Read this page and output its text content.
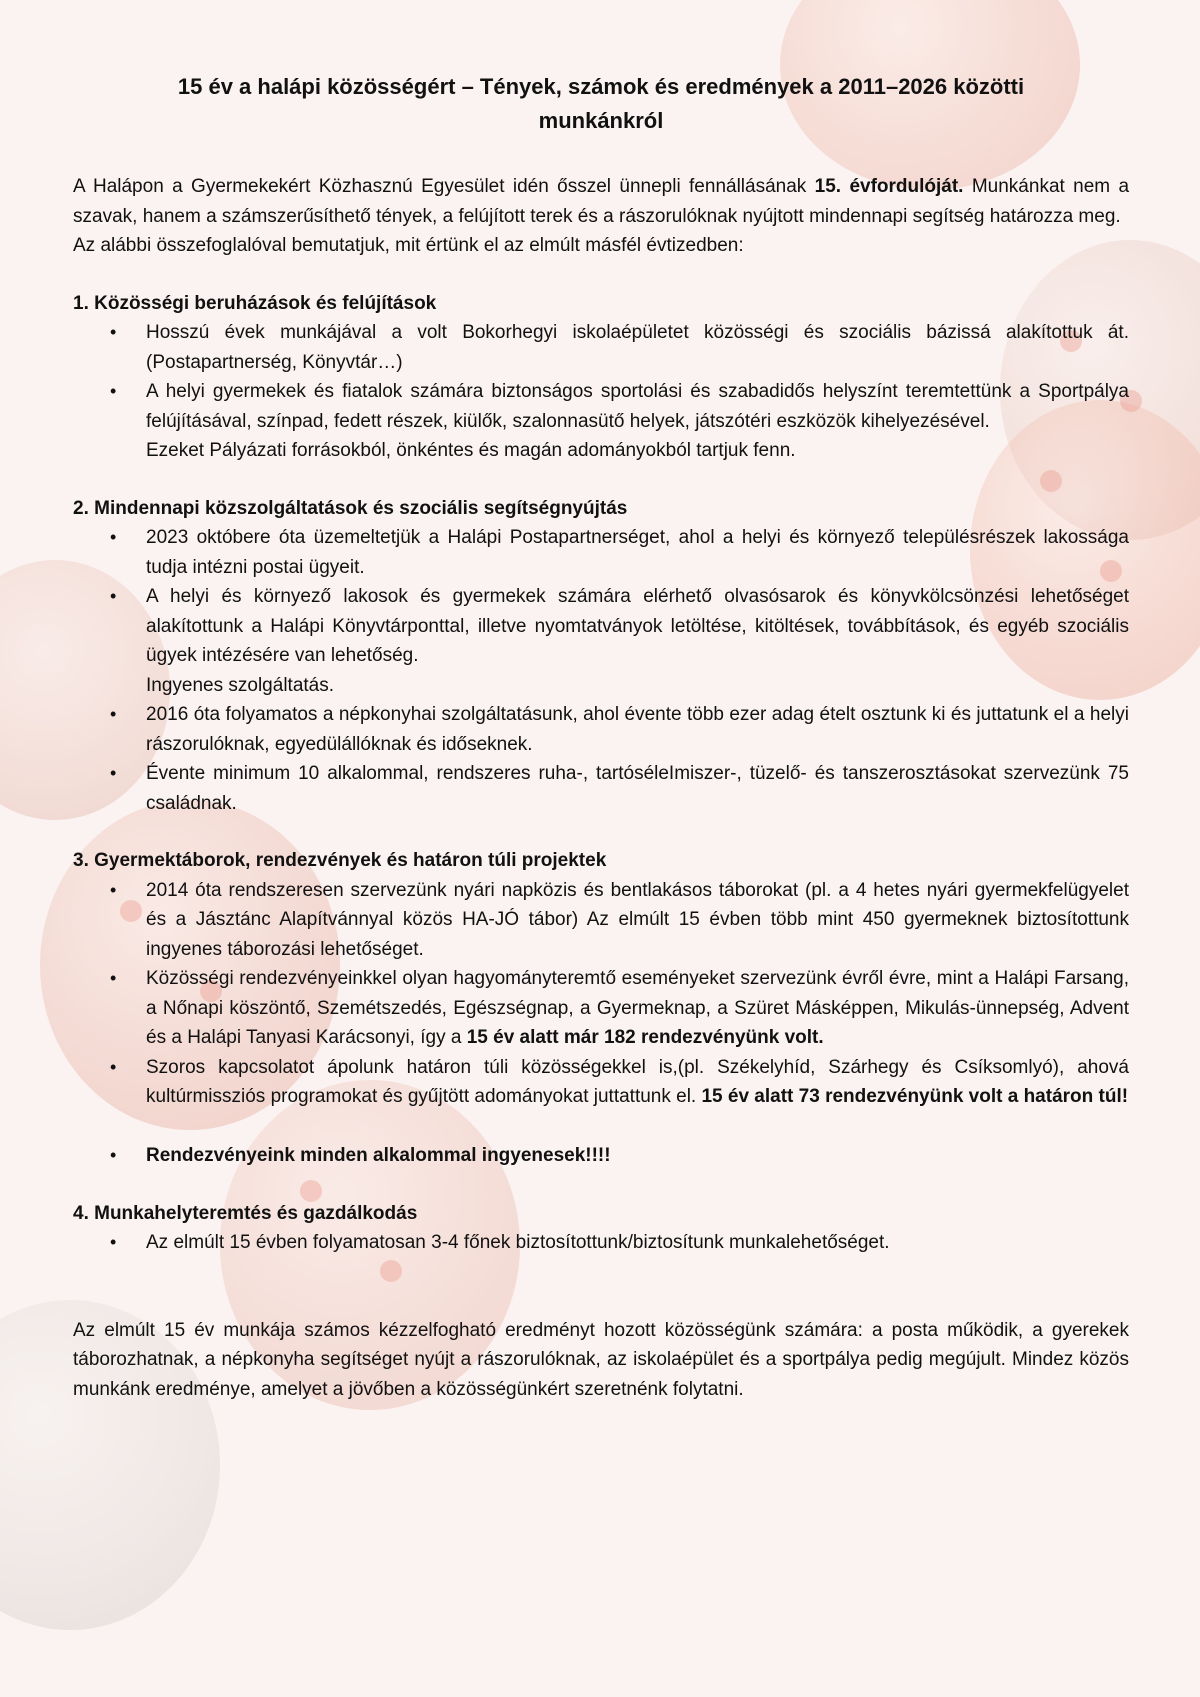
15 év a halápi közösségért – Tények, számok és eredmények a 2011–2026 közötti munkánkról

A Halápon a Gyermekekért Közhasznú Egyesület idén ősszel ünnepli fennállásának 15. évfordulóját. Munkánkat nem a szavak, hanem a számszerűsíthető tények, a felújított terek és a rászorulóknak nyújtott mindennapi segítség határozza meg.

Az alábbi összefoglalóval bemutatjuk, mit értünk el az elmúlt másfél évtizedben:

1. Közösségi beruházások és felújítások

• Hosszú évek munkájával a volt Bokorhegyi iskolaépületet közösségi és szociális bázissá alakítottuk át.(Postapartnerség, Könyvtár…)
• A helyi gyermekek és fiatalok számára biztonságos sportolási és szabadidős helyszínt teremtettünk a Sportpálya felújításával, színpad, fedett részek, kiülők, szalonnasütő helyek, játszótéri eszközök kihelyezésével.
Ezeket Pályázati forrásokból, önkéntes és magán adományokból tartjuk fenn.

2. Mindennapi közszolgáltatások és szociális segítségnyújtás

• 2023 októbere óta üzemeltetjük a Halápi Postapartnerséget, ahol a helyi és környező településrészek lakossága tudja intézni postai ügyeit.
• A helyi és környező lakosok és gyermekek számára elérhető olvasósarok és könyvkölcsönzési lehetőséget alakítottunk a Halápi Könyvtárponttal, illetve nyomtatványok letöltése, kitöltések, továbbítások, és egyéb szociális ügyek intézésére van lehetőség.
Ingyenes szolgáltatás.
• 2016 óta folyamatos a népkonyhai szolgáltatásunk, ahol évente több ezer adag ételt osztunk ki és juttatunk el a helyi rászorulóknak, egyedülállóknak és időseknek.
• Évente minimum 10 alkalommal, rendszeres ruha-, tartóséleImiszer-, tüzelő- és tanszerosztásokat szervezünk 75 családnak.

3. Gyermektáborok, rendezvények és határon túli projektek

• 2014 óta rendszeresen szervezünk nyári napközis és bentlakásos táborokat (pl. a 4 hetes nyári gyermekfelügyelet és a Jásztánc Alapítvánnyal közös HA-JÓ tábor) Az elmúlt 15 évben több mint 450 gyermeknek biztosítottunk ingyenes táborozási lehetőséget.
• Közösségi rendezvényeinkkel olyan hagyományteremtő eseményeket szervezünk évről évre, mint a Halápi Farsang, a Nőnapi köszöntő, Szemétszedés, Egészségnap, a Gyermeknap, a Szüret Másképpen, Mikulás-ünnepség, Advent és a Halápi Tanyasi Karácsonyi, így a 15 év alatt már 182 rendezvényünk volt.
• Szoros kapcsolatot ápolunk határon túli közösségekkel is,(pl. Székelyhíd, Szárhegy és Csíksomlyó), ahová kultúrmissziós programokat és gyűjtött adományokat juttattunk el. 15 év alatt 73 rendezvényünk volt a határon túl!
• Rendezvényeink minden alkalommal ingyenesek!!!!

4. Munkahelyteremtés és gazdálkodás

• Az elmúlt 15 évben folyamatosan 3-4 főnek biztosítottunk/biztosítunk munkalehetőséget.

Az elmúlt 15 év munkája számos kézzelfogható eredményt hozott közösségünk számára: a posta működik, a gyerekek táborozhatnak, a népkonyha segítséget nyújt a rászorulóknak, az iskolaépület és a sportpálya pedig megújult. Mindez közös munkánk eredménye, amelyet a jövőben a közösségünkért szeretnénk folytatni.
